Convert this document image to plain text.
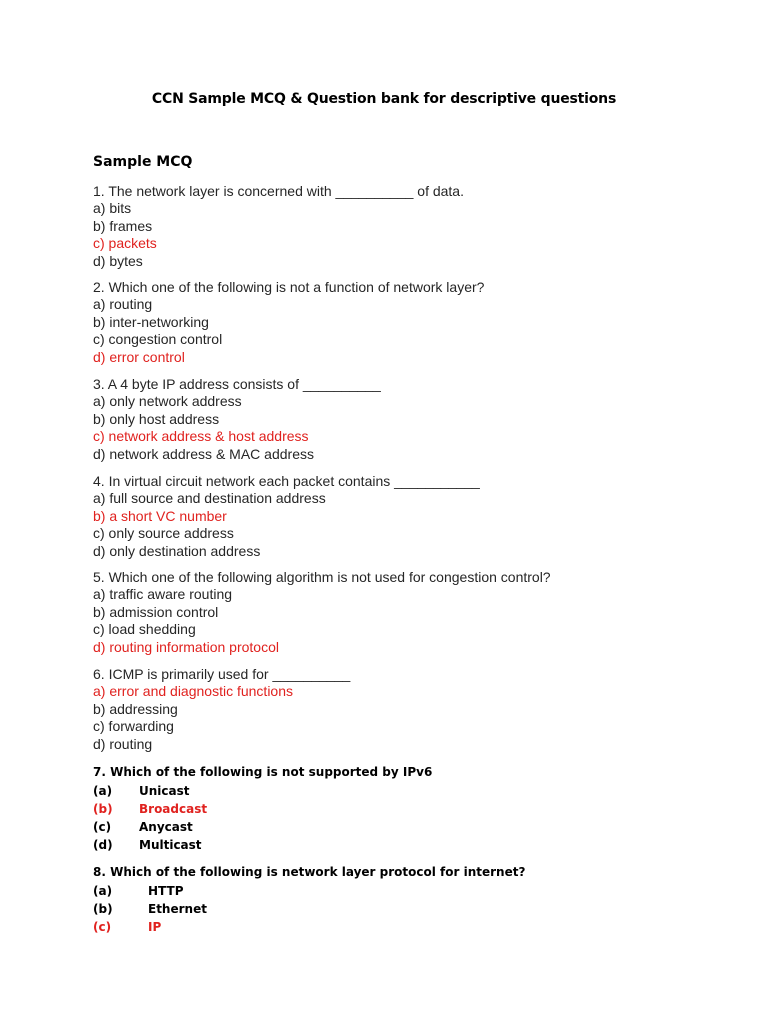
CCN Sample MCQ & Question bank for descriptive questions
Sample MCQ
1. The network layer is concerned with __________ of data.
a) bits
b) frames
c) packets
d) bytes
2. Which one of the following is not a function of network layer?
a) routing
b) inter-networking
c) congestion control
d) error control
3. A 4 byte IP address consists of __________
a) only network address
b) only host address
c) network address & host address
d) network address & MAC address
4. In virtual circuit network each packet contains ___________
a) full source and destination address
b) a short VC number
c) only source address
d) only destination address
5. Which one of the following algorithm is not used for congestion control?
a) traffic aware routing
b) admission control
c) load shedding
d) routing information protocol
6. ICMP is primarily used for __________
a) error and diagnostic functions
b) addressing
c) forwarding
d) routing
7. Which of the following is not supported by IPv6
(a) Unicast
(b) Broadcast
(c) Anycast
(d) Multicast
8. Which of the following is network layer protocol for internet?
(a)	HTTP
(b)	Ethernet
(c)	IP
